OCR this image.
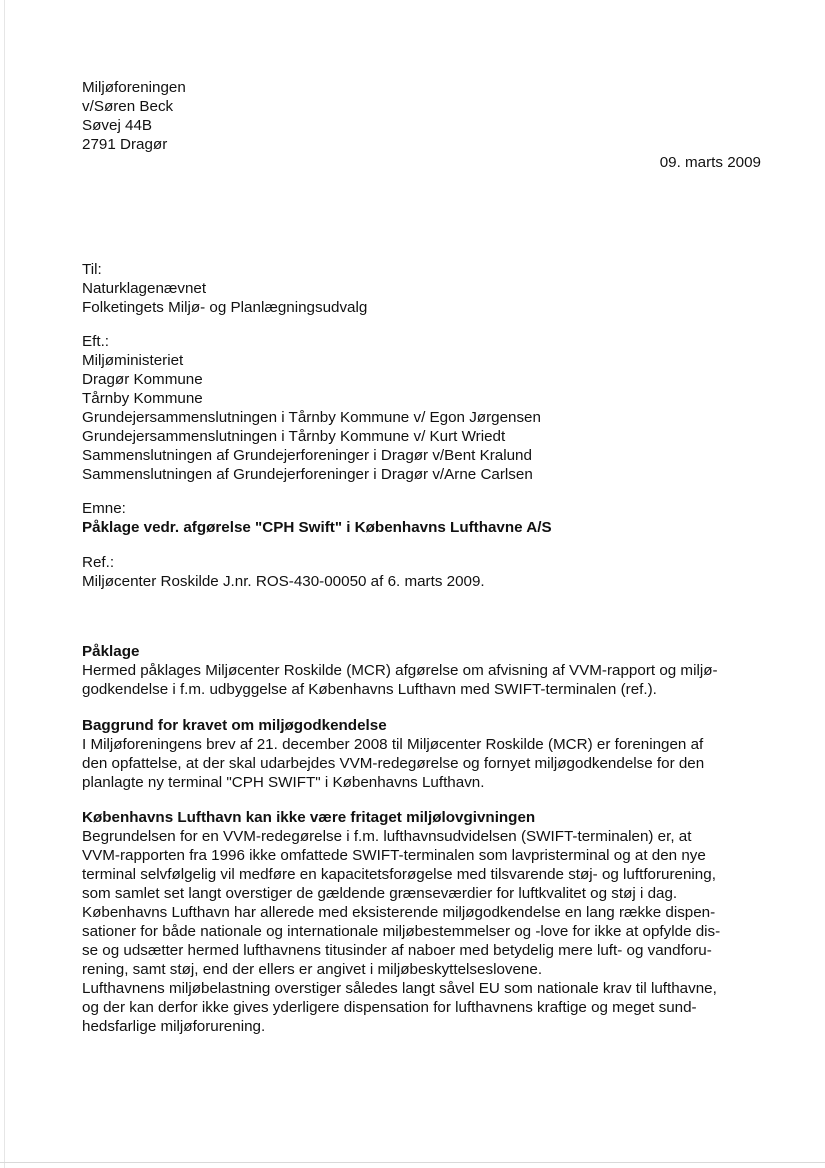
Miljøforeningen
v/Søren Beck
Søvej 44B
2791 Dragør
09. marts 2009
Til:
Naturklagenævnet
Folketingets Miljø- og Planlægningsudvalg
Eft.:
Miljøministeriet
Dragør Kommune
Tårnby Kommune
Grundejersammenslutningen i Tårnby Kommune v/ Egon Jørgensen
Grundejersammenslutningen i Tårnby Kommune v/ Kurt Wriedt
Sammenslutningen af Grundejerforeninger i Dragør v/Bent Kralund
Sammenslutningen af Grundejerforeninger i Dragør v/Arne Carlsen
Emne:
Påklage vedr. afgørelse "CPH Swift" i Københavns Lufthavne A/S
Ref.:
Miljøcenter Roskilde J.nr. ROS-430-00050 af 6. marts 2009.
Påklage
Hermed påklages Miljøcenter Roskilde (MCR) afgørelse om afvisning af VVM-rapport og miljø-
godkendelse i f.m. udbyggelse af Københavns Lufthavn med SWIFT-terminalen (ref.).
Baggrund for kravet om miljøgodkendelse
I Miljøforeningens brev af 21. december 2008 til Miljøcenter Roskilde (MCR) er foreningen af
den opfattelse, at der skal udarbejdes VVM-redegørelse og fornyet miljøgodkendelse for den
planlagte ny terminal "CPH SWIFT" i Københavns Lufthavn.
Københavns Lufthavn kan ikke være fritaget miljølovgivningen
Begrundelsen for en VVM-redegørelse i f.m. lufthavnsudvidelsen (SWIFT-terminalen) er, at
VVM-rapporten fra 1996 ikke omfattede SWIFT-terminalen som lavpristerminal og at den nye
terminal selvfølgelig vil medføre en kapacitetsforøgelse med tilsvarende støj- og luftforurening,
som samlet set langt overstiger de gældende grænseværdier for luftkvalitet og støj i dag.
Københavns Lufthavn har allerede med eksisterende miljøgodkendelse en lang række dispen-
sationer for både nationale og internationale miljøbestemmelser og -love for ikke at opfylde dis-
se og udsætter hermed lufthavnens titusinder af naboer med betydelig mere luft- og vandforu-
rening, samt støj, end der ellers er angivet i miljøbeskyttelseslovene.
Lufthavnens miljøbelastning overstiger således langt såvel EU som nationale krav til lufthavne,
og der kan derfor ikke gives yderligere dispensation for lufthavnens kraftige og meget sund-
hedsfarlige miljøforurening.
